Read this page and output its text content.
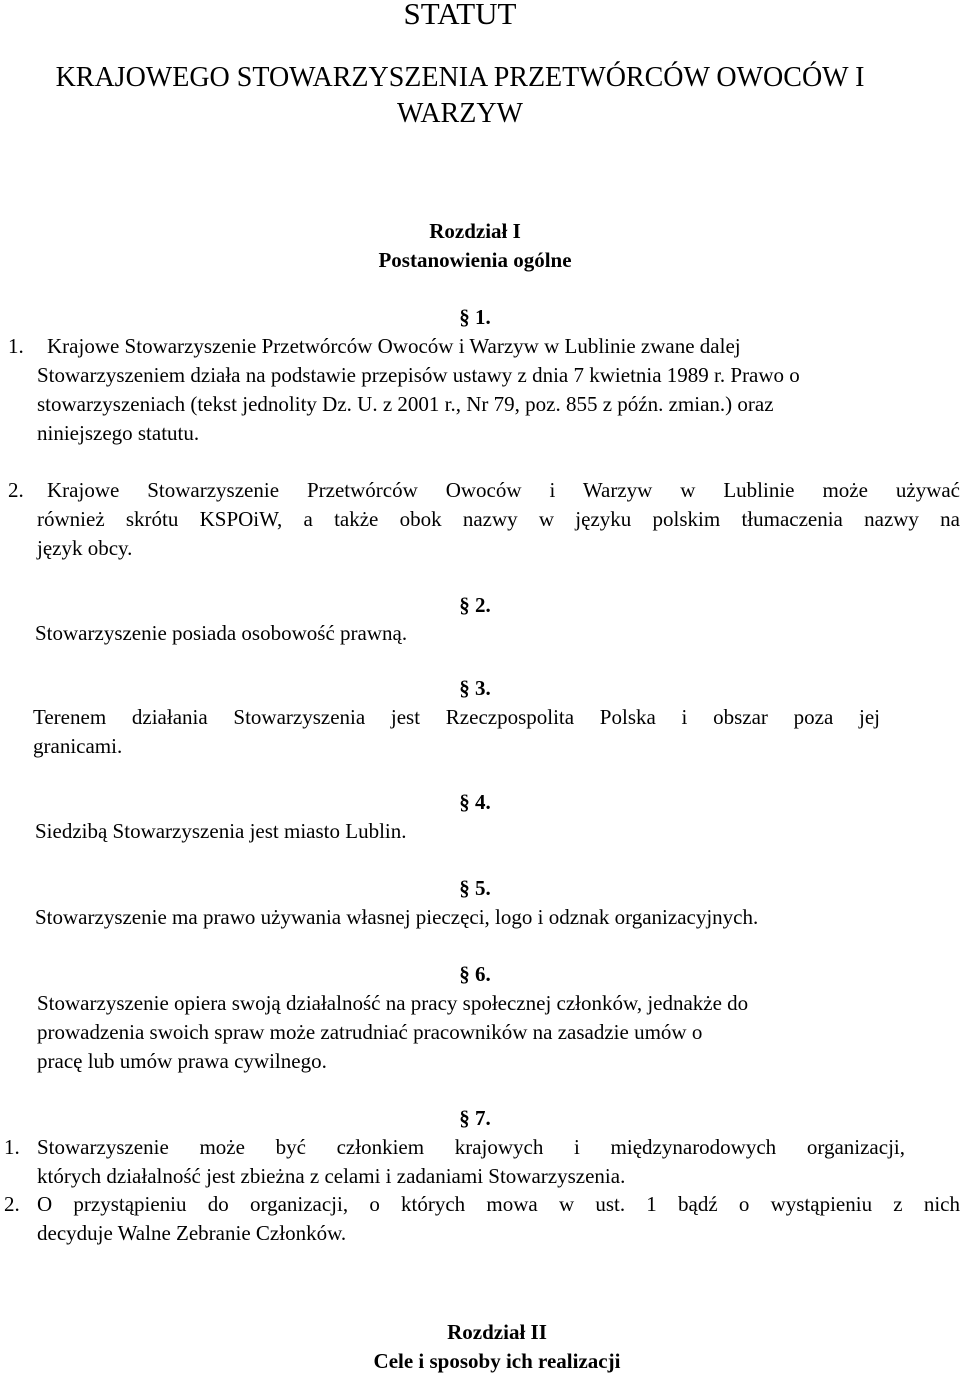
STATUT
KRAJOWEGO STOWARZYSZENIA PRZETWÓRCÓW OWOCÓW I
WARZYW
Rozdział I
Postanowienia ogólne
§ 1.
1. Krajowe Stowarzyszenie Przetwórców Owoców i Warzyw w Lublinie zwane dalej
Stowarzyszeniem działa na podstawie przepisów ustawy z dnia 7 kwietnia 1989 r. Prawo o
stowarzyszeniach (tekst jednolity Dz. U. z 2001 r., Nr 79, poz. 855 z późn. zmian.) oraz
niniejszego statutu.
2. Krajowe Stowarzyszenie Przetwórców Owoców i Warzyw w Lublinie może używać
również skrótu KSPOiW, a także obok nazwy w języku polskim tłumaczenia nazwy na
język obcy.
§ 2.
Stowarzyszenie posiada osobowość prawną.
§ 3.
Terenem działania Stowarzyszenia jest Rzeczpospolita Polska i obszar poza jej
granicami.
§ 4.
Siedzibą Stowarzyszenia jest miasto Lublin.
§ 5.
Stowarzyszenie ma prawo używania własnej pieczęci, logo i odznak organizacyjnych.
§ 6.
Stowarzyszenie opiera swoją działalność na pracy społecznej członków, jednakże do
prowadzenia swoich spraw może zatrudniać pracowników na zasadzie umów o
pracę lub umów prawa cywilnego.
§ 7.
1. Stowarzyszenie może być członkiem krajowych i międzynarodowych organizacji,
których działalność jest zbieżna z celami i zadaniami Stowarzyszenia.
2. O przystąpieniu do organizacji, o których mowa w ust. 1 bądź o wystąpieniu z nich
decyduje Walne Zebranie Członków.
Rozdział II
Cele i sposoby ich realizacji
